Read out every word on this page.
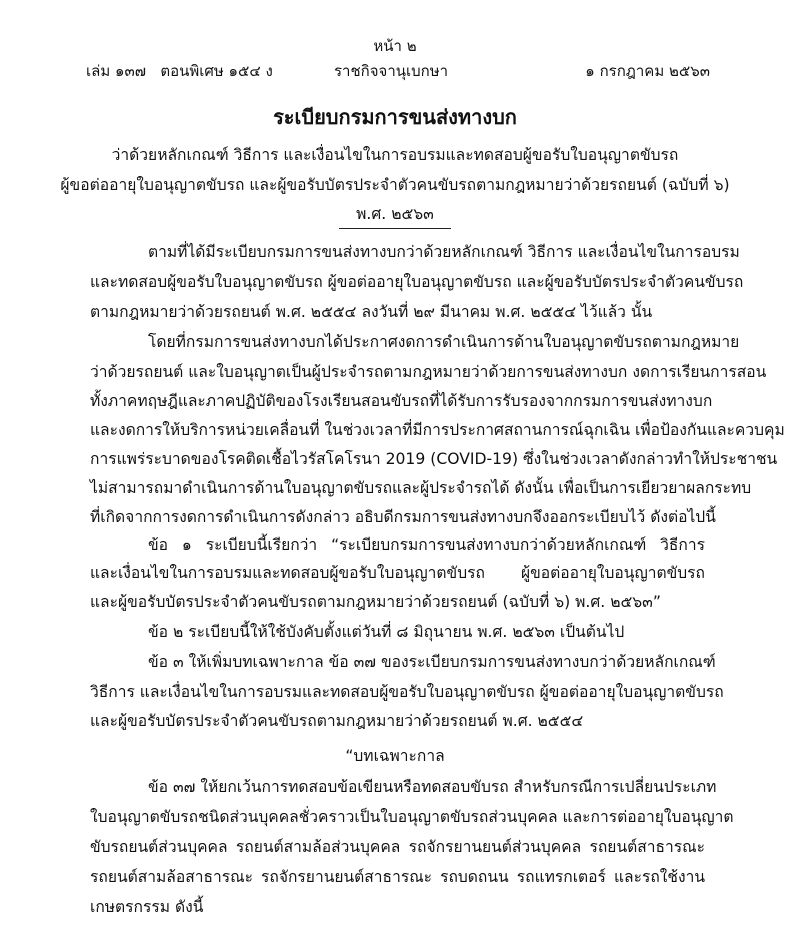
หน้า ๒
เล่ม ๑๓๗ ตอนพิเศษ ๑๕๔ ง	ราชกิจจานุเบกษา	๑ กรกฎาคม ๒๕๖๓
ระเบียบกรมการขนส่งทางบก
ว่าด้วยหลักเกณฑ์ วิธีการ และเงื่อนไขในการอบรมและทดสอบผู้ขอรับใบอนุญาตขับรถ
ผู้ขอต่ออายุใบอนุญาตขับรถ และผู้ขอรับบัตรประจำตัวคนขับรถตามกฎหมายว่าด้วยรถยนต์ (ฉบับที่ ๖)
พ.ศ. ๒๕๖๓
ตามที่ได้มีระเบียบกรมการขนส่งทางบกว่าด้วยหลักเกณฑ์ วิธีการ และเงื่อนไขในการอบรม
และทดสอบผู้ขอรับใบอนุญาตขับรถ ผู้ขอต่ออายุใบอนุญาตขับรถ และผู้ขอรับบัตรประจำตัวคนขับรถ
ตามกฎหมายว่าด้วยรถยนต์ พ.ศ. ๒๕๕๔ ลงวันที่ ๒๙ มีนาคม พ.ศ. ๒๕๕๔ ไว้แล้ว นั้น
โดยที่กรมการขนส่งทางบกได้ประกาศงดการดำเนินการด้านใบอนุญาตขับรถตามกฎหมาย
ว่าด้วยรถยนต์ และใบอนุญาตเป็นผู้ประจำรถตามกฎหมายว่าด้วยการขนส่งทางบก งดการเรียนการสอน
ทั้งภาคทฤษฎีและภาคปฏิบัติของโรงเรียนสอนขับรถที่ได้รับการรับรองจากกรมการขนส่งทางบก
และงดการให้บริการหน่วยเคลื่อนที่ ในช่วงเวลาที่มีการประกาศสถานการณ์ฉุกเฉิน เพื่อป้องกันและควบคุม
การแพร่ระบาดของโรคติดเชื้อไวรัสโคโรนา 2019 (COVID-19) ซึ่งในช่วงเวลาดังกล่าวทำให้ประชาชน
ไม่สามารถมาดำเนินการด้านใบอนุญาตขับรถและผู้ประจำรถได้ ดังนั้น เพื่อเป็นการเยียวยาผลกระทบ
ที่เกิดจากการงดการดำเนินการดังกล่าว อธิบดีกรมการขนส่งทางบกจึงออกระเบียบไว้ ดังต่อไปนี้
ข้อ ๑ ระเบียบนี้เรียกว่า “ระเบียบกรมการขนส่งทางบกว่าด้วยหลักเกณฑ์ วิธีการ
และเงื่อนไขในการอบรมและทดสอบผู้ขอรับใบอนุญาตขับรถ ผู้ขอต่ออายุใบอนุญาตขับรถ
และผู้ขอรับบัตรประจำตัวคนขับรถตามกฎหมายว่าด้วยรถยนต์ (ฉบับที่ ๖) พ.ศ. ๒๕๖๓”
ข้อ ๒ ระเบียบนี้ให้ใช้บังคับตั้งแต่วันที่ ๘ มิถุนายน พ.ศ. ๒๕๖๓ เป็นต้นไป
ข้อ ๓ ให้เพิ่มบทเฉพาะกาล ข้อ ๓๗ ของระเบียบกรมการขนส่งทางบกว่าด้วยหลักเกณฑ์
วิธีการ และเงื่อนไขในการอบรมและทดสอบผู้ขอรับใบอนุญาตขับรถ ผู้ขอต่ออายุใบอนุญาตขับรถ
และผู้ขอรับบัตรประจำตัวคนขับรถตามกฎหมายว่าด้วยรถยนต์ พ.ศ. ๒๕๕๔
“บทเฉพาะกาล
ข้อ ๓๗ ให้ยกเว้นการทดสอบข้อเขียนหรือทดสอบขับรถ สำหรับกรณีการเปลี่ยนประเภท
ใบอนุญาตขับรถชนิดส่วนบุคคลชั่วคราวเป็นใบอนุญาตขับรถส่วนบุคคล และการต่ออายุใบอนุญาต
ขับรถยนต์ส่วนบุคคล รถยนต์สามล้อส่วนบุคคล รถจักรยานยนต์ส่วนบุคคล รถยนต์สาธารณะ
รถยนต์สามล้อสาธารณะ รถจักรยานยนต์สาธารณะ รถบดถนน รถแทรกเตอร์ และรถใช้งาน
เกษตรกรรม ดังนี้
